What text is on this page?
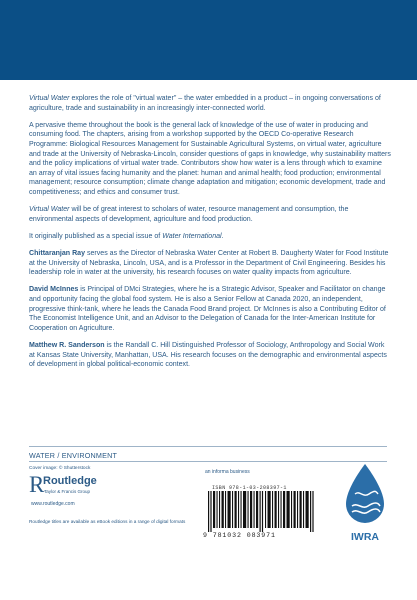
Virtual Water explores the role of "virtual water" – the water embedded in a product – in ongoing conversations of agriculture, trade and sustainability in an increasingly inter-connected world.

A pervasive theme throughout the book is the general lack of knowledge of the use of water in producing and consuming food. The chapters, arising from a workshop supported by the OECD Co-operative Research Programme: Biological Resources Management for Sustainable Agricultural Systems, on virtual water, agriculture and trade at the University of Nebraska-Lincoln, consider questions of gaps in knowledge, why sustainability matters and the policy implications of virtual water trade. Contributors show how water is a lens through which to examine an array of vital issues facing humanity and the planet: human and animal health; food production; environmental management; resource consumption; climate change adaptation and mitigation; economic development, trade and competitiveness; and ethics and consumer trust.

Virtual Water will be of great interest to scholars of water, resource management and consumption, the environmental aspects of development, agriculture and food production.

It originally published as a special issue of Water International.

Chittaranjan Ray serves as the Director of Nebraska Water Center at Robert B. Daugherty Water for Food Institute at the University of Nebraska, Lincoln, USA, and is a Professor in the Department of Civil Engineering. Besides his leadership role in water at the university, his research focuses on water quality impacts from agriculture.

David McInnes is Principal of DMci Strategies, where he is a Strategic Advisor, Speaker and Facilitator on change and opportunity facing the global food system. He is also a Senior Fellow at Canada 2020, an independent, progressive think-tank, where he leads the Canada Food Brand project. Dr McInnes is also a Contributing Editor of The Economist Intelligence Unit, and an Advisor to the Delegation of Canada for the Inter-American Institute for Cooperation on Agriculture.

Matthew R. Sanderson is the Randall C. Hill Distinguished Professor of Sociology, Anthropology and Social Work at Kansas State University, Manhattan, USA. His research focuses on the demographic and environmental aspects of development in global political-economic context.

WATER / ENVIRONMENT
Cover image: © Shutterstock
R
Routledge
Taylor & Francis Group
www.routledge.com
Routledge titles are available as eBook editions in a range of digital formats
an informa business
ISBN 978-1-03-208397-1
9 781032 083971	IWRA
